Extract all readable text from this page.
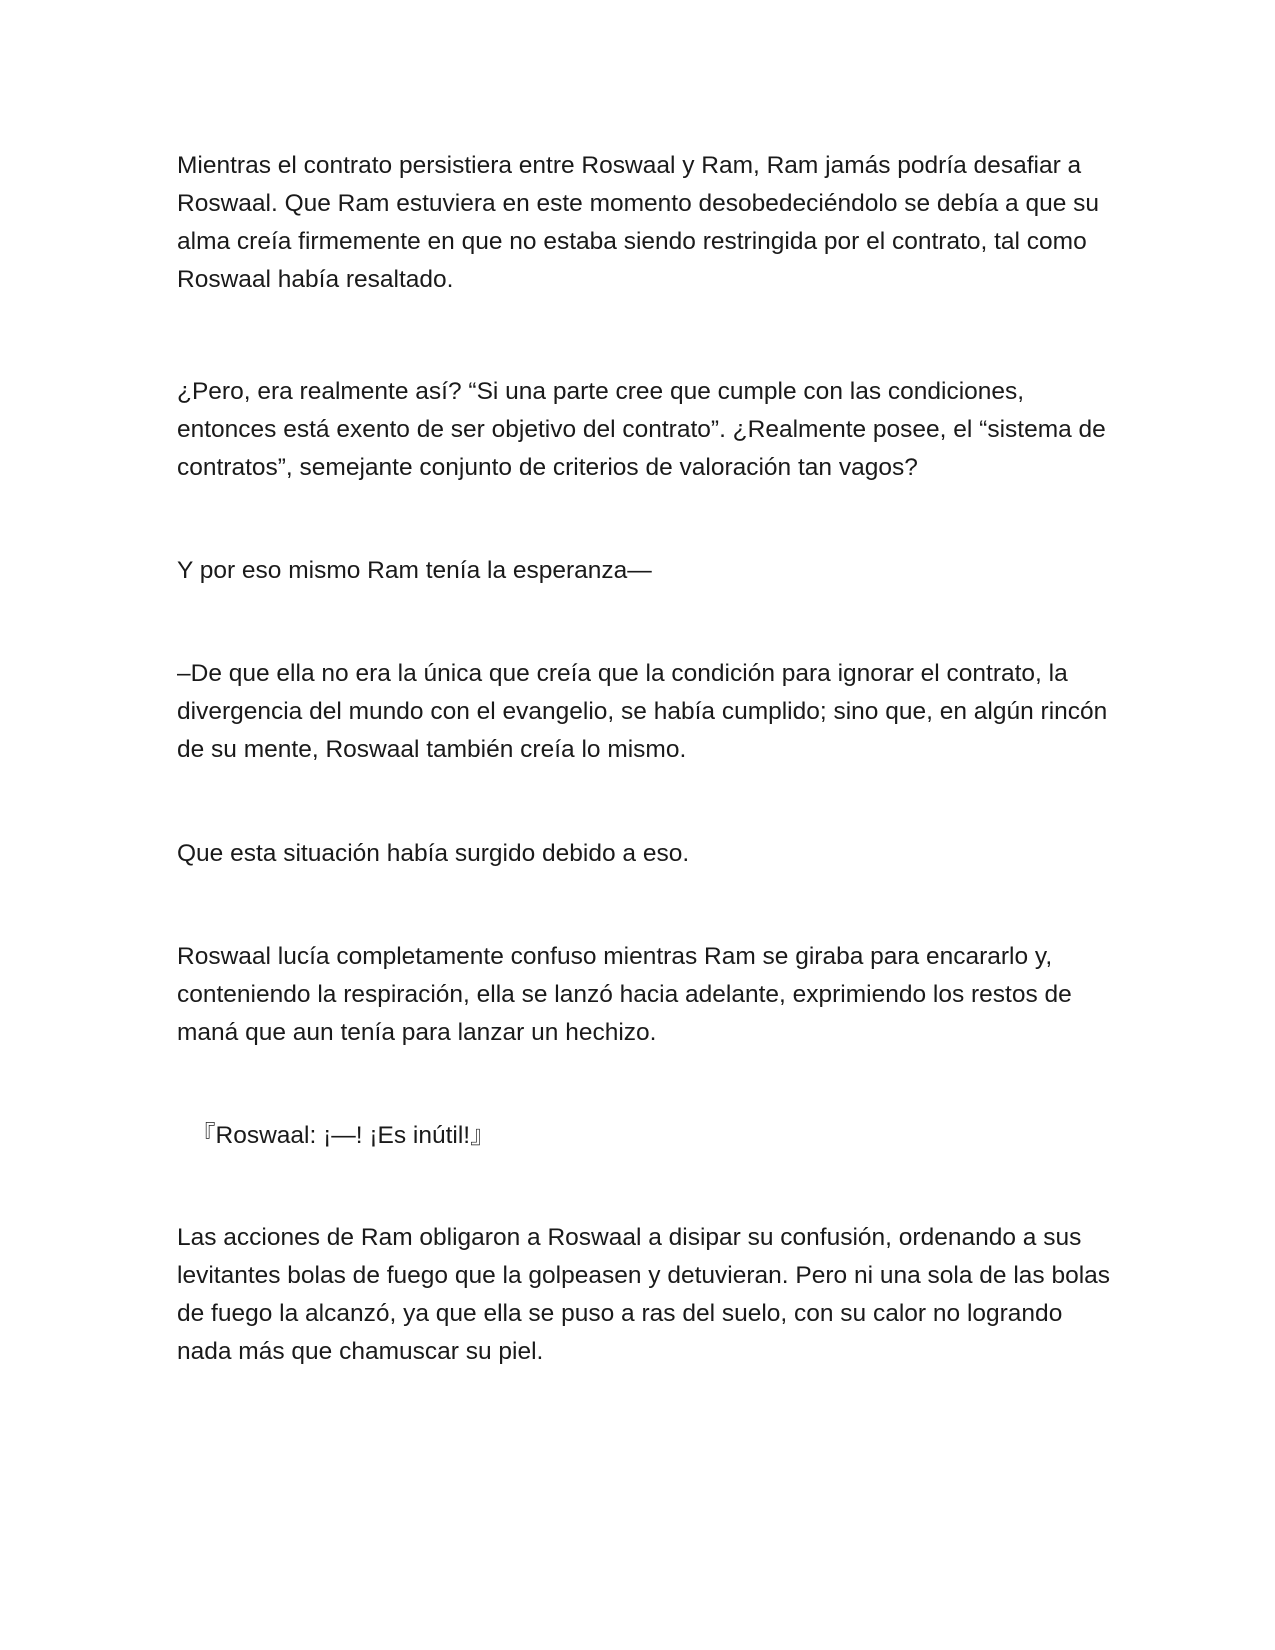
Mientras el contrato persistiera entre Roswaal y Ram, Ram jamás podría desafiar a Roswaal. Que Ram estuviera en este momento desobedeciéndolo se debía a que su alma creía firmemente en que no estaba siendo restringida por el contrato, tal como Roswaal había resaltado.

¿Pero, era realmente así? “Si una parte cree que cumple con las condiciones, entonces está exento de ser objetivo del contrato”. ¿Realmente posee, el “sistema de contratos”, semejante conjunto de criterios de valoración tan vagos?

Y por eso mismo Ram tenía la esperanza—

–De que ella no era la única que creía que la condición para ignorar el contrato, la divergencia del mundo con el evangelio, se había cumplido; sino que, en algún rincón de su mente, Roswaal también creía lo mismo.

Que esta situación había surgido debido a eso.

Roswaal lucía completamente confuso mientras Ram se giraba para encararlo y, conteniendo la respiración, ella se lanzó hacia adelante, exprimiendo los restos de maná que aun tenía para lanzar un hechizo.

『Roswaal: ¡—! ¡Es inútil!』

Las acciones de Ram obligaron a Roswaal a disipar su confusión, ordenando a sus levitantes bolas de fuego que la golpeasen y detuvieran. Pero ni una sola de las bolas de fuego la alcanzó, ya que ella se puso a ras del suelo, con su calor no logrando nada más que chamuscar su piel.
